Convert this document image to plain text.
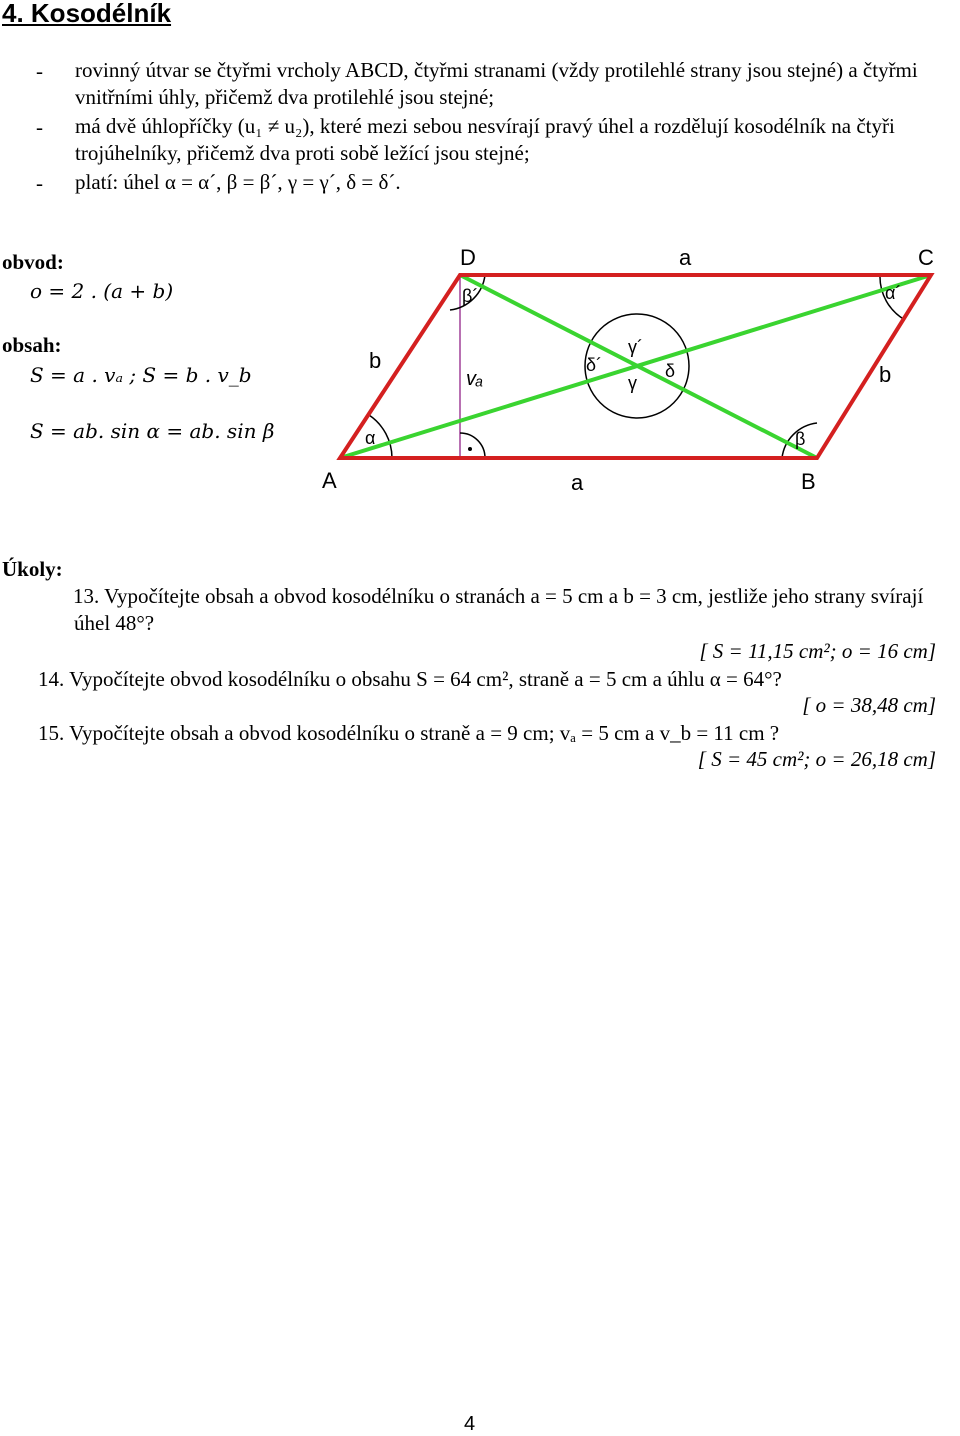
4. Kosodélník
- rovinný útvar se čtyřmi vrcholy ABCD, čtyřmi stranami (vždy protilehlé strany jsou stejné) a čtyřmi vnitřními úhly, přičemž dva protilehlé jsou stejné;
- má dvě úhlopříčky (u₁ ≠ u₂), které mezi sebou nesvírají pravý úhel a rozdělují kosodélník na čtyři trojúhelníky, přičemž dva proti sobě ležící jsou stejné;
- platí: úhel α = α´, β = β´, γ = γ´, δ = δ´.
obvod:
o = 2 . (a + b)
obsah:
S = a . vₐ ; S = b . v_b
S = ab. sin α = ab. sin β
A	B
C
D	a
a
b
b
vₐ
α	β
β´	α´
γ´
γ
δ´	δ
Úkoly:
13. Vypočítejte obsah a obvod kosodélníku o stranách a = 5 cm a b = 3 cm, jestliže jeho strany svírají úhel 48°?
[ S = 11,15 cm²; o = 16 cm]
14. Vypočítejte obvod kosodélníku o obsahu S = 64 cm², straně a = 5 cm a úhlu α = 64°?
[ o = 38,48 cm]
15. Vypočítejte obsah a obvod kosodélníku o straně a = 9 cm; vₐ = 5 cm a v_b = 11 cm ?
[ S = 45 cm²; o = 26,18 cm]
4
